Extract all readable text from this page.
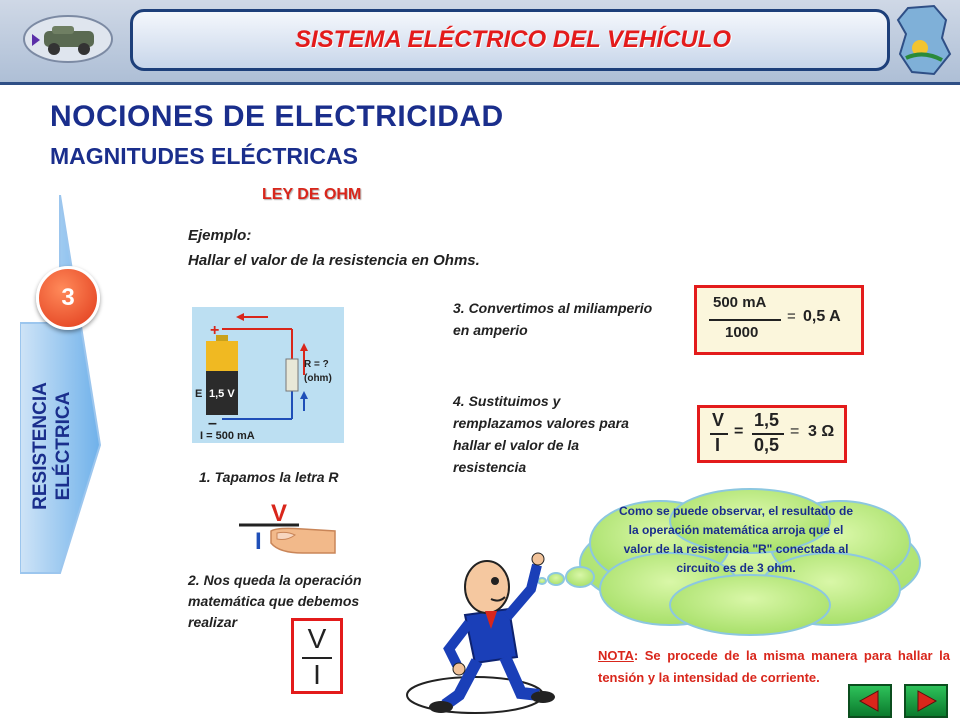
SISTEMA ELÉCTRICO DEL VEHÍCULO
NOCIONES DE ELECTRICIDAD
MAGNITUDES ELÉCTRICAS
LEY DE OHM
3
RESISTENCIA ELÉCTRICA
Ejemplo:
Hallar el valor de la resistencia en Ohms.
+
–
E 1,5 V
R = ?
(ohm)
I = 500 mA
1. Tapamos la letra R
2. Nos queda la operación matemática que debemos realizar
3. Convertimos al miliamperio en amperio
4. Sustituimos y remplazamos valores para hallar el valor de la resistencia
V
I
V
I
500 mA
1000
= 0,5 A
V
I
=
1,5
0,5
= 3 Ω
Como se puede observar, el resultado de la operación matemática arroja que el valor de la resistencia "R" conectada al circuito es de 3 ohm.
NOTA: Se procede de la misma manera para hallar la tensión y la intensidad de corriente.
